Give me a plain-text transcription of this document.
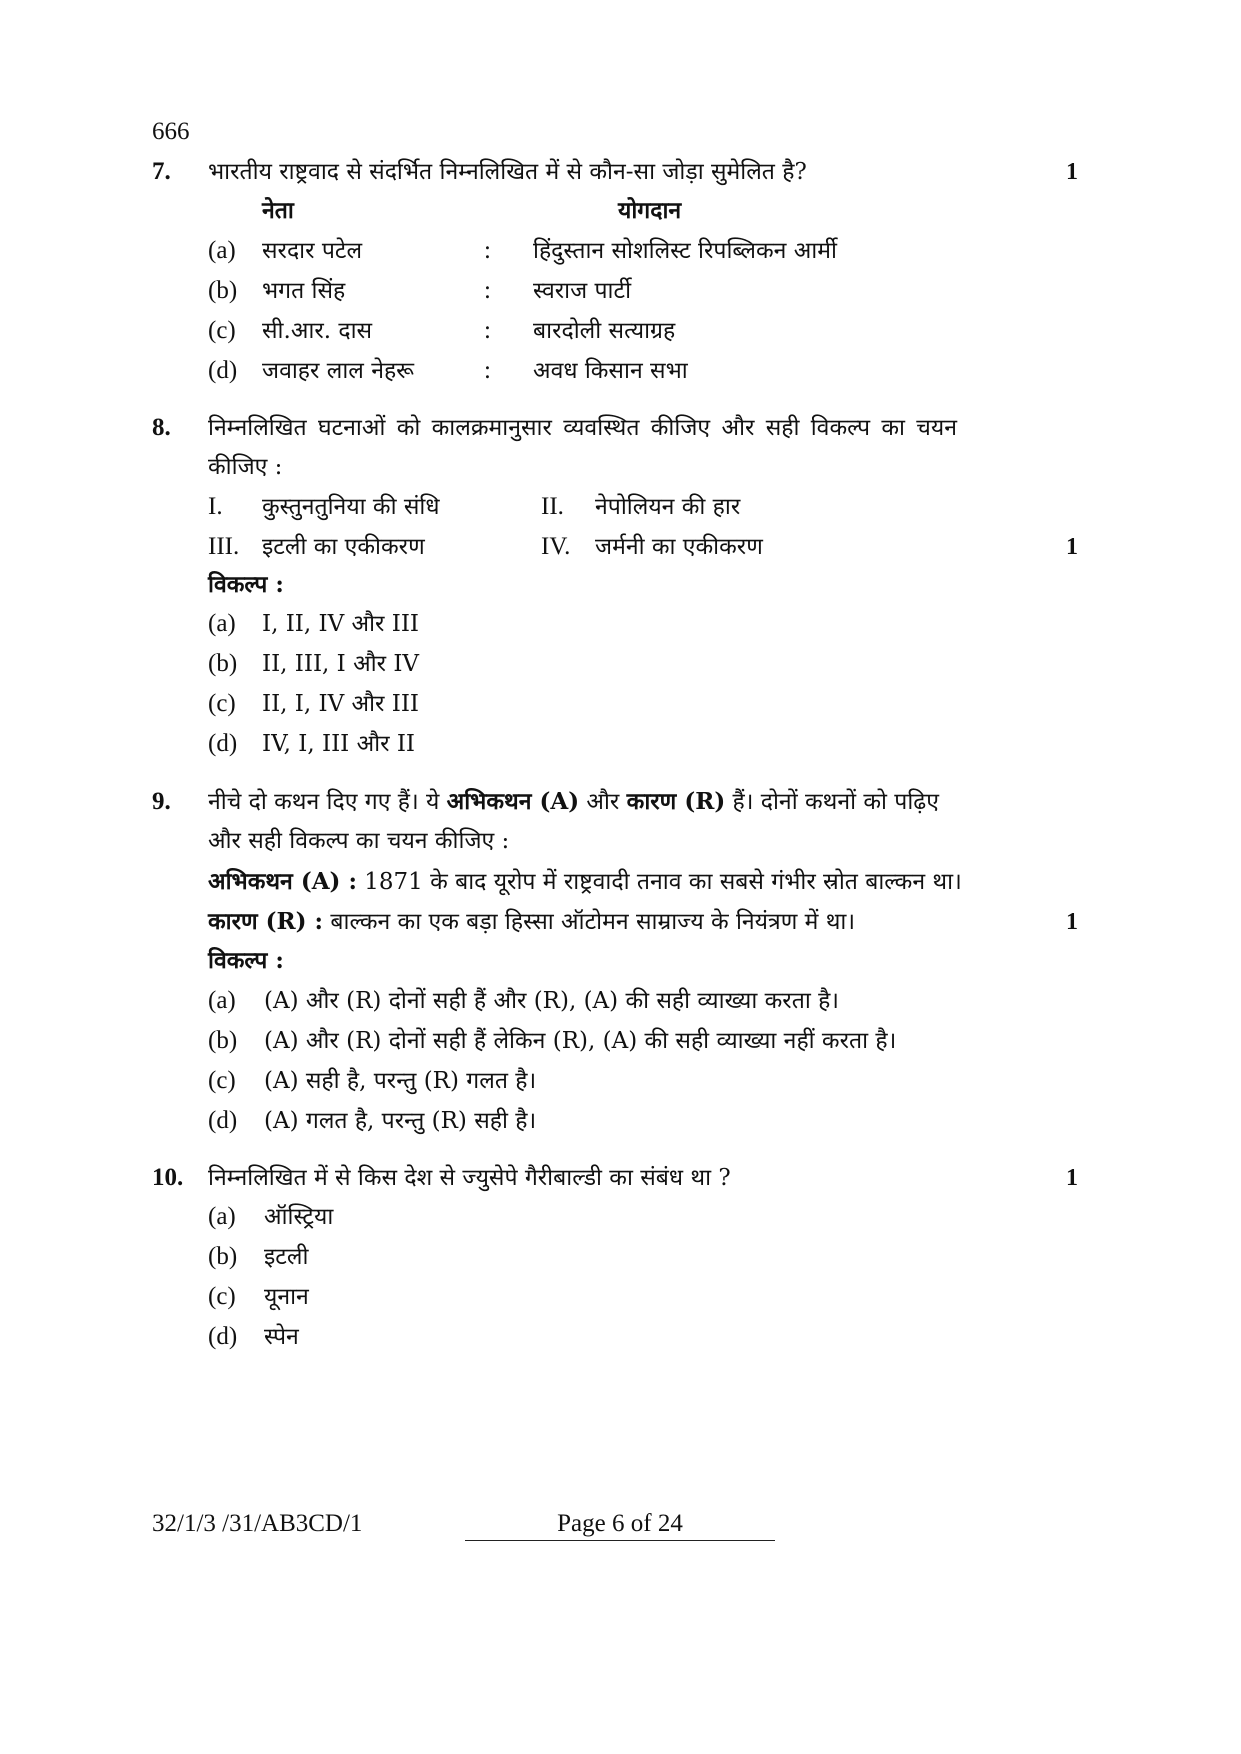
666
7. भारतीय राष्ट्रवाद से संदर्भित निम्नलिखित में से कौन-सा जोड़ा सुमेलित है?	1
नेता	योगदान
(a) सरदार पटेल	: हिंदुस्तान सोशलिस्ट रिपब्लिकन आर्मी
(b) भगत सिंह	: स्वराज पार्टी
(c) सी.आर. दास	: बारदोली सत्याग्रह
(d) जवाहर लाल नेहरू	: अवध किसान सभा
8. निम्नलिखित घटनाओं को कालक्रमानुसार व्यवस्थित कीजिए और सही विकल्प का चयन
कीजिए :
I. कुस्तुनतुनिया की संधि	II. नेपोलियन की हार
III. इटली का एकीकरण	IV. जर्मनी का एकीकरण	1
विकल्प :
(a) I, II, IV और III
(b) II, III, I और IV
(c) II, I, IV और III
(d) IV, I, III और II
9. नीचे दो कथन दिए गए हैं। ये अभिकथन (A) और कारण (R) हैं। दोनों कथनों को पढ़िए
और सही विकल्प का चयन कीजिए :
अभिकथन (A) : 1871 के बाद यूरोप में राष्ट्रवादी तनाव का सबसे गंभीर स्रोत बाल्कन था।
कारण (R) : बाल्कन का एक बड़ा हिस्सा ऑटोमन साम्राज्य के नियंत्रण में था।	1
विकल्प :
(a) (A) और (R) दोनों सही हैं और (R), (A) की सही व्याख्या करता है।
(b) (A) और (R) दोनों सही हैं लेकिन (R), (A) की सही व्याख्या नहीं करता है।
(c) (A) सही है, परन्तु (R) गलत है।
(d) (A) गलत है, परन्तु (R) सही है।
10. निम्नलिखित में से किस देश से ज्युसेपे गैरीबाल्डी का संबंध था ?	1
(a) ऑस्ट्रिया
(b) इटली
(c) यूनान
(d) स्पेन
32/1/3 /31/AB3CD/1	Page 6 of 24
